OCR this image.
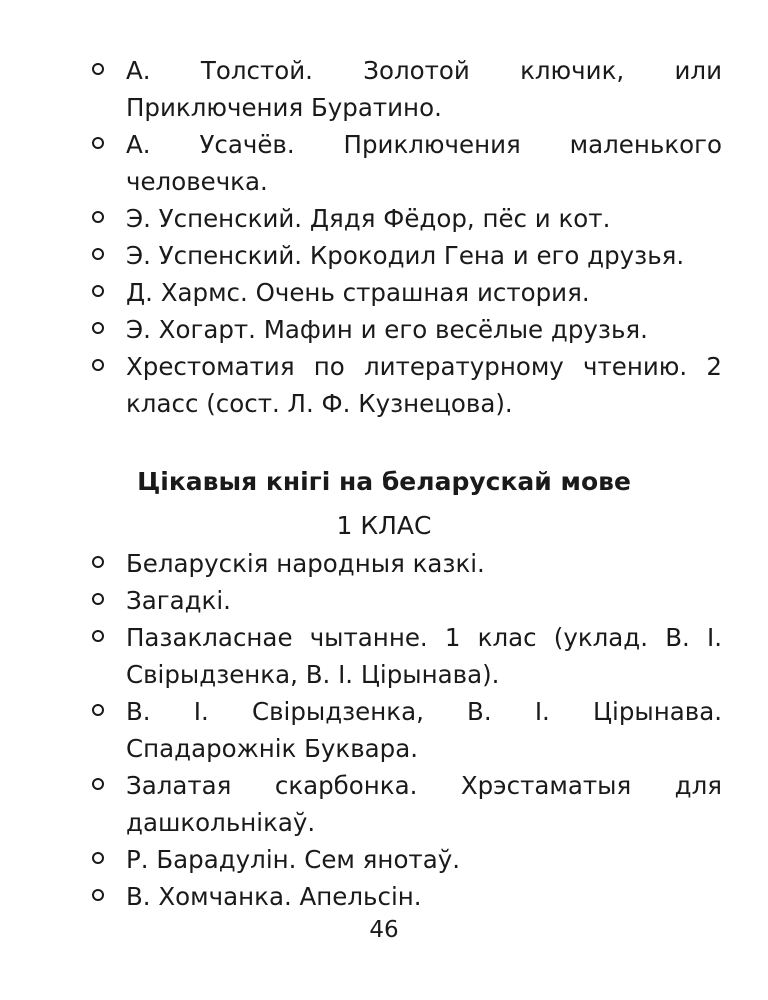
А. Толстой. Золотой ключик, или Приключения Буратино.
А. Усачёв. Приключения маленького человечка.
Э. Успенский. Дядя Фёдор, пёс и кот.
Э. Успенский. Крокодил Гена и его друзья.
Д. Хармс. Очень страшная история.
Э. Хогарт. Мафин и его весёлые друзья.
Хрестоматия по литературному чтению. 2 класс (сост. Л. Ф. Кузнецова).
Цікавыя кнігі на беларускай мове
1 КЛАС
Беларускія народныя казкі.
Загадкі.
Пазакласнае чытанне. 1 клас (уклад. В. І. Свірыдзенка, В. І. Цірынава).
В. І. Свірыдзенка, В. І. Цірынава. Спадарожнік Буквара.
Залатая скарбонка. Хрэстаматыя для дашкольнікаў.
Р. Барадулін. Сем янотаў.
В. Хомчанка. Апельсін.
46
